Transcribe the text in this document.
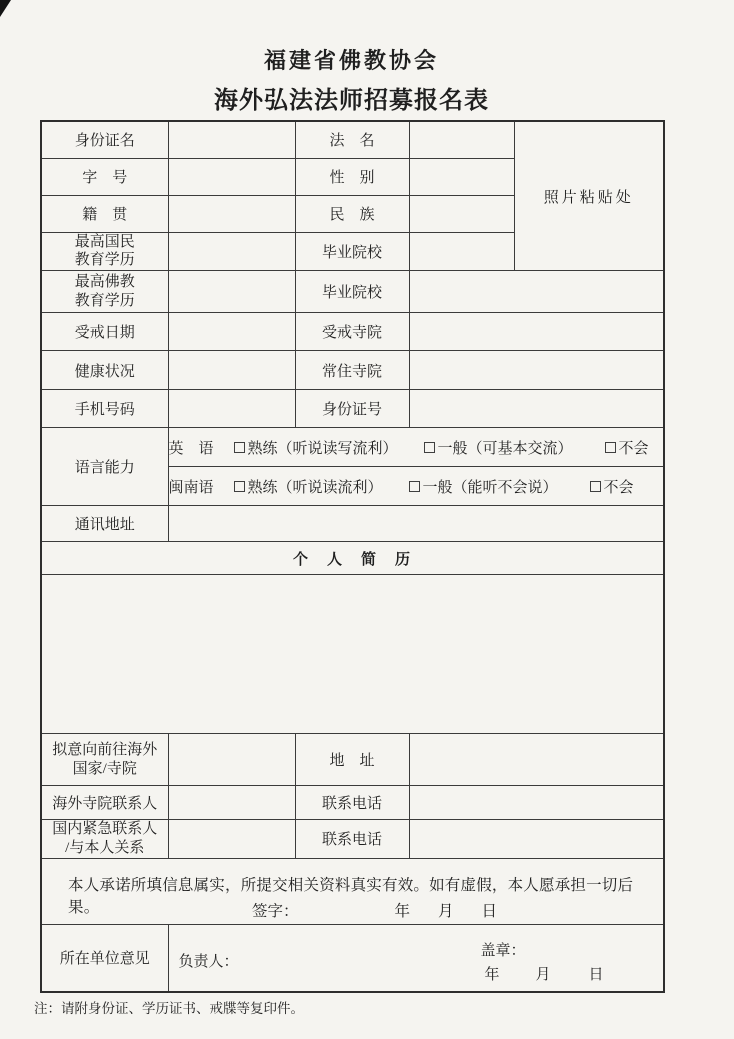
福建省佛教协会
海外弘法法师招募报名表
身份证名		法　名		照片粘贴处
字　号		性　别		
籍　贯		民　族		

最高国民
教育学历		毕业院校		

最高佛教
教育学历		毕业院校		
受戒日期		受戒寺院		
健康状况		常住寺院		
手机号码		身份证号		
语言能力	英　语 熟练（听说读写流利） 一般（可基本交流） 不会			

	闽南语 熟练（听说读流利） 一般（能听不会说） 不会			

通讯地址				
个　人　简　历				

拟意向前往海外
国家/寺院		地　址		
海外寺院联系人		联系电话		

国内紧急联系人
/与本人关系		联系电话		

本人承诺所填信息属实，所提交相关资料真实有效。如有虚假，本人愿承担一切后果。 签字： 年 月 日				

所在单位意见	负责人：
盖章：
年 月 日			
注：请附身份证、学历证书、戒牒等复印件。
